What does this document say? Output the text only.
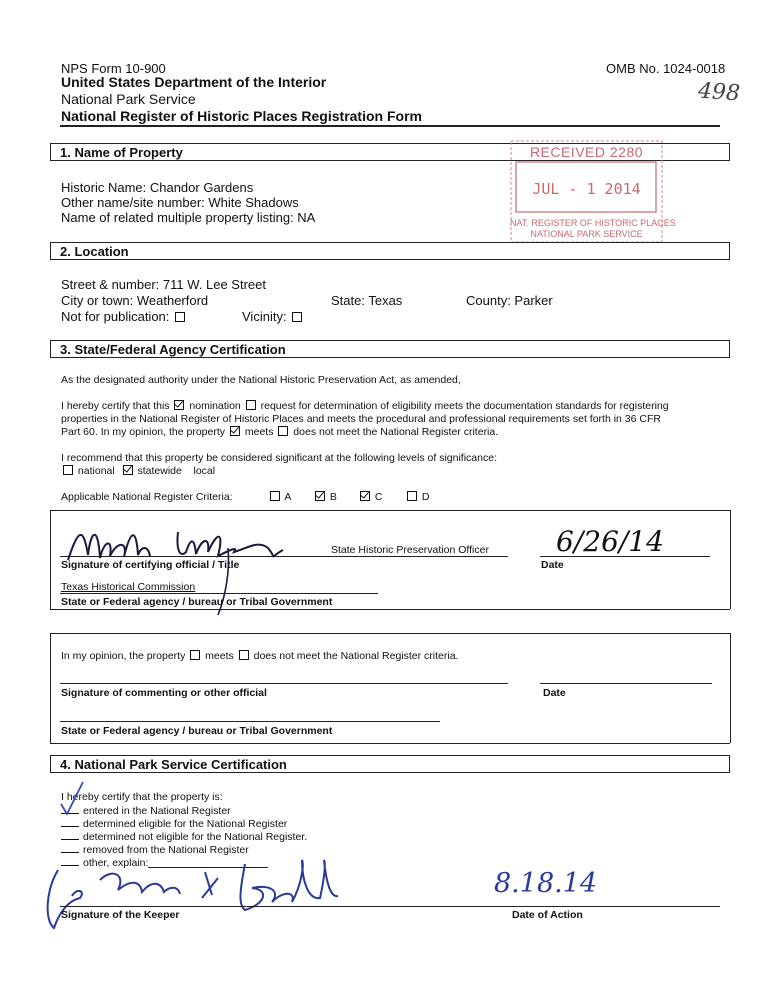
NPS Form 10-900	OMB No. 1024-0018
United States Department of the Interior
National Park Service
National Register of Historic Places Registration Form
498
1. Name of Property
Historic Name: Chandor Gardens
Other name/site number: White Shadows
Name of related multiple property listing: NA
RECEIVED 2280
JUL - 1 2014
NAT. REGISTER OF HISTORIC PLACES
NATIONAL PARK SERVICE
2. Location
Street & number: 711 W. Lee Street
City or town: Weatherford	State: Texas	County: Parker
Not for publication:	Vicinity:
3. State/Federal Agency Certification
As the designated authority under the National Historic Preservation Act, as amended,
I hereby certify that this nomination request for determination of eligibility meets the documentation standards for registering
properties in the National Register of Historic Places and meets the procedural and professional requirements set forth in 36 CFR
Part 60. In my opinion, the property meets does not meet the National Register criteria.
I recommend that this property be considered significant at the following levels of significance:
national statewide local
Applicable National Register Criteria:	A	B	C	D
State Historic Preservation Officer
Signature of certifying official / Title	Date
6/26/14
Texas Historical Commission
State or Federal agency / bureau or Tribal Government
In my opinion, the property meets does not meet the National Register criteria.
Signature of commenting or other official	Date
State or Federal agency / bureau or Tribal Government
4. National Park Service Certification
I hereby certify that the property is:
entered in the National Register
determined eligible for the National Register
determined not eligible for the National Register.
removed from the National Register
other, explain:
Signature of the Keeper	Date of Action
8.18.14
